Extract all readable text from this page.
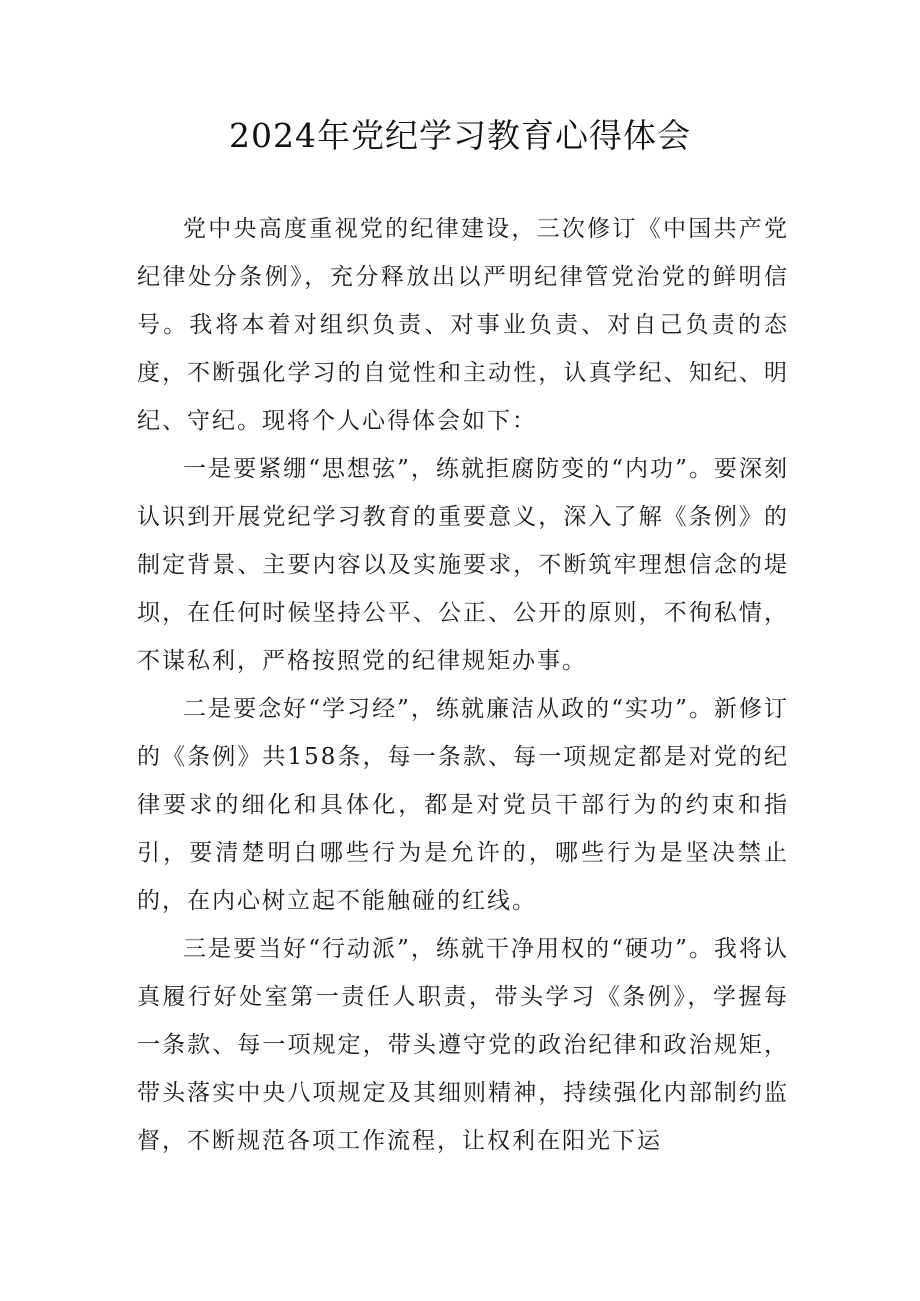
2024年党纪学习教育心得体会

党中央高度重视党的纪律建设，三次修订《中国共产党纪律处分条例》，充分释放出以严明纪律管党治党的鲜明信号。我将本着对组织负责、对事业负责、对自己负责的态度，不断强化学习的自觉性和主动性，认真学纪、知纪、明纪、守纪。现将个人心得体会如下：

一是要紧绷“思想弦”，练就拒腐防变的“内功”。要深刻认识到开展党纪学习教育的重要意义，深入了解《条例》的制定背景、主要内容以及实施要求，不断筑牢理想信念的堤坝，在任何时候坚持公平、公正、公开的原则，不徇私情，不谋私利，严格按照党的纪律规矩办事。

二是要念好“学习经”，练就廉洁从政的“实功”。新修订的《条例》共158条，每一条款、每一项规定都是对党的纪律要求的细化和具体化，都是对党员干部行为的约束和指引，要清楚明白哪些行为是允许的，哪些行为是坚决禁止的，在内心树立起不能触碰的红线。

三是要当好“行动派”，练就干净用权的“硬功”。我将认真履行好处室第一责任人职责，带头学习《条例》，学握每一条款、每一项规定，带头遵守党的政治纪律和政治规矩，带头落实中央八项规定及其细则精神，持续强化内部制约监督，不断规范各项工作流程，让权利在阳光下运
